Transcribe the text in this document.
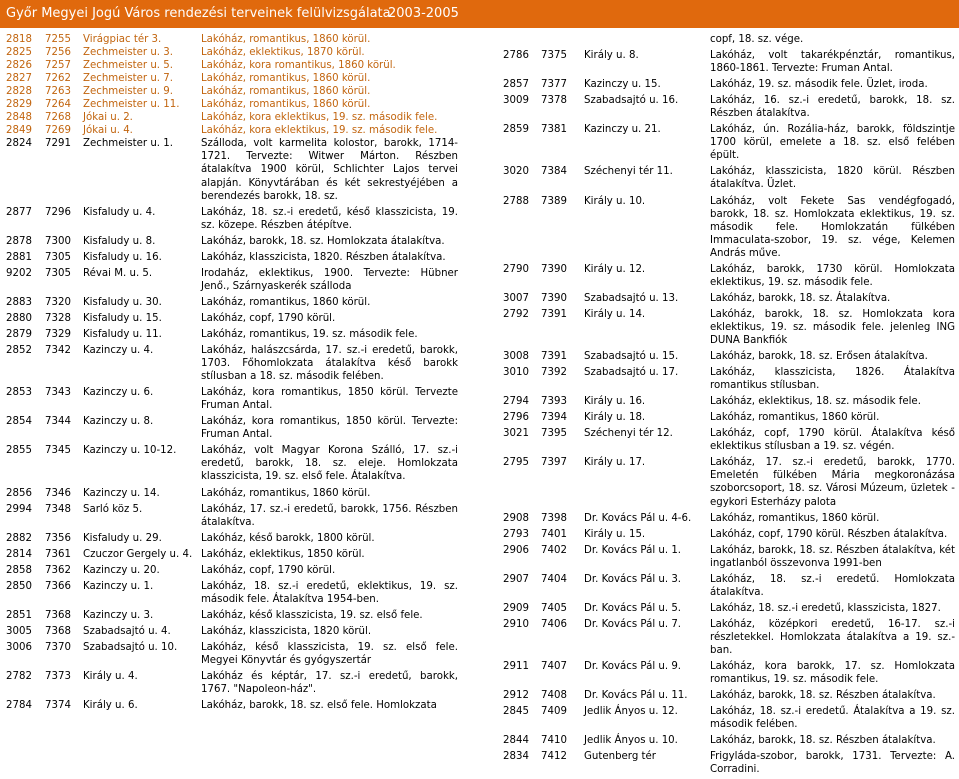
Győr Megyei Jogú Város rendezési terveinek felülvizsgálata
2003-2005
2818	7255	Virágpiac tér 3.	Lakóház, romantikus, 1860 körül.
2825	7256	Zechmeister u. 3.	Lakóház, eklektikus, 1870 körül.
2826	7257	Zechmeister u. 5.	Lakóház, kora romantikus, 1860 körül.
2827	7262	Zechmeister u. 7.	Lakóház, romantikus, 1860 körül.
2828	7263	Zechmeister u. 9.	Lakóház, romantikus, 1860 körül.
2829	7264	Zechmeister u. 11.	Lakóház, romantikus, 1860 körül.
2848	7268	Jókai u. 2.	Lakóház, kora eklektikus, 19. sz. második fele.
2849	7269	Jókai u. 4.	Lakóház, kora eklektikus, 19. sz. második fele.
2824	7291	Zechmeister u. 1.	Szálloda, volt karmelita kolostor, barokk, 1714-1721. Tervezte: Witwer Márton. Részben átalakítva 1900 körül, Schlichter Lajos tervei alapján. Könyvtárában és két sekrestyéjében a berendezés barokk, 18. sz.
2877	7296	Kisfaludy u. 4.	Lakóház, 18. sz.-i eredetű, késő klasszicista, 19. sz. közepe. Részben átépítve.
2878	7300	Kisfaludy u. 8.	Lakóház, barokk, 18. sz. Homlokzata átalakítva.
2881	7305	Kisfaludy u. 16.	Lakóház, klasszicista, 1820. Részben átalakítva.
9202	7305	Révai M. u. 5.	Irodaház, eklektikus, 1900. Tervezte: Hübner Jenő., Szárnyaskerék szálloda
2883	7320	Kisfaludy u. 30.	Lakóház, romantikus, 1860 körül.
2880	7328	Kisfaludy u. 15.	Lakóház, copf, 1790 körül.
2879	7329	Kisfaludy u. 11.	Lakóház, romantikus, 19. sz. második fele.
2852	7342	Kazinczy u. 4.	Lakóház, halászcsárda, 17. sz.-i eredetű, barokk, 1703. Főhomlokzata átalakítva késő barokk stílusban a 18. sz. második felében.
2853	7343	Kazinczy u. 6.	Lakóház, kora romantikus, 1850 körül. Tervezte Fruman Antal.
2854	7344	Kazinczy u. 8.	Lakóház, kora romantikus, 1850 körül. Tervezte: Fruman Antal.
2855	7345	Kazinczy u. 10-12.	Lakóház, volt Magyar Korona Szálló, 17. sz.-i eredetű, barokk, 18. sz. eleje. Homlokzata klasszicista, 19. sz. első fele. Átalakítva.
2856	7346	Kazinczy u. 14.	Lakóház, romantikus, 1860 körül.
2994	7348	Sarló köz 5.	Lakóház, 17. sz.-i eredetű, barokk, 1756. Részben átalakítva.
2882	7356	Kisfaludy u. 29.	Lakóház, késő barokk, 1800 körül.
2814	7361	Czuczor Gergely u. 4. Lakóház, eklektikus, 1850 körül.
2858	7362	Kazinczy u. 20.	Lakóház, copf, 1790 körül.
2850	7366	Kazinczy u. 1.	Lakóház, 18. sz.-i eredetű, eklektikus, 19. sz. második fele. Átalakítva 1954-ben.
2851	7368	Kazinczy u. 3.	Lakóház, késő klasszicista, 19. sz. első fele.
3005	7368	Szabadsajtó u. 4.	Lakóház, klasszicista, 1820 körül.
3006	7370	Szabadsajtó u. 10.	Lakóház, késő klasszicista, 19. sz. első fele. Megyei Könyvtár és gyógyszertár
2782	7373	Király u. 4.	Lakóház és képtár, 17. sz.-i eredetű, barokk, 1767. "Napoleon-ház".
2784	7374	Király u. 6.	Lakóház, barokk, 18. sz. első fele. Homlokzata
copf, 18. sz. vége.
2786	7375	Király u. 8.	Lakóház, volt takarékpénztár, romantikus, 1860-1861. Tervezte: Fruman Antal.
2857	7377	Kazinczy u. 15.	Lakóház, 19. sz. második fele. Üzlet, iroda.
3009	7378	Szabadsajtó u. 16.	Lakóház, 16. sz.-i eredetű, barokk, 18. sz. Részben átalakítva.
2859	7381	Kazinczy u. 21.	Lakóház, ún. Rozália-ház, barokk, földszintje 1700 körül, emelete a 18. sz. első felében épült.
3020	7384	Széchenyi tér 11.	Lakóház, klasszicista, 1820 körül. Részben átalakítva. Üzlet.
2788	7389	Király u. 10.	Lakóház, volt Fekete Sas vendégfogadó, barokk, 18. sz. Homlokzata eklektikus, 19. sz. második fele. Homlokzatán fülkében Immaculata-szobor, 19. sz. vége, Kelemen András műve.
2790	7390	Király u. 12.	Lakóház, barokk, 1730 körül. Homlokzata eklektikus, 19. sz. második fele.
3007	7390	Szabadsajtó u. 13.	Lakóház, barokk, 18. sz. Átalakítva.
2792	7391	Király u. 14.	Lakóház, barokk, 18. sz. Homlokzata kora eklektikus, 19. sz. második fele. jelenleg ING DUNA Bankfiók
3008	7391	Szabadsajtó u. 15.	Lakóház, barokk, 18. sz. Erősen átalakítva.
3010	7392	Szabadsajtó u. 17.	Lakóház, klasszicista, 1826. Átalakítva romantikus stílusban.
2794	7393	Király u. 16.	Lakóház, eklektikus, 18. sz. második fele.
2796	7394	Király u. 18.	Lakóház, romantikus, 1860 körül.
3021	7395	Széchenyi tér 12.	Lakóház, copf, 1790 körül. Átalakítva késő eklektikus stílusban a 19. sz. végén.
2795	7397	Király u. 17.	Lakóház, 17. sz.-i eredetű, barokk, 1770. Emeletén fülkében Mária megkoronázása szoborcsoport, 18. sz. Városi Múzeum, üzletek - egykori Esterházy palota
2908	7398	Dr. Kovács Pál u. 4-6.	Lakóház, romantikus, 1860 körül.
2793	7401	Király u. 15.	Lakóház, copf, 1790 körül. Részben átalakítva.
2906	7402	Dr. Kovács Pál u. 1.	Lakóház, barokk, 18. sz. Részben átalakítva, két ingatlanból összevonva 1991-ben
2907	7404	Dr. Kovács Pál u. 3.	Lakóház, 18. sz.-i eredetű. Homlokzata átalakítva.
2909	7405	Dr. Kovács Pál u. 5.	Lakóház, 18. sz.-i eredetű, klasszicista, 1827.
2910	7406	Dr. Kovács Pál u. 7.	Lakóház, középkori eredetű, 16-17. sz.-i részletekkel. Homlokzata átalakítva a 19. sz.-ban.
2911	7407	Dr. Kovács Pál u. 9.	Lakóház, kora barokk, 17. sz. Homlokzata romantikus, 19. sz. második fele.
2912	7408	Dr. Kovács Pál u. 11.	Lakóház, barokk, 18. sz. Részben átalakítva.
2845	7409	Jedlik Ányos u. 12.	Lakóház, 18. sz.-i eredetű. Átalakítva a 19. sz. második felében.
2844	7410	Jedlik Ányos u. 10.	Lakóház, barokk, 18. sz. Részben átalakítva.
2834	7412	Gutenberg tér	Frigyláda-szobor, barokk, 1731. Tervezte: A. Corradini.
